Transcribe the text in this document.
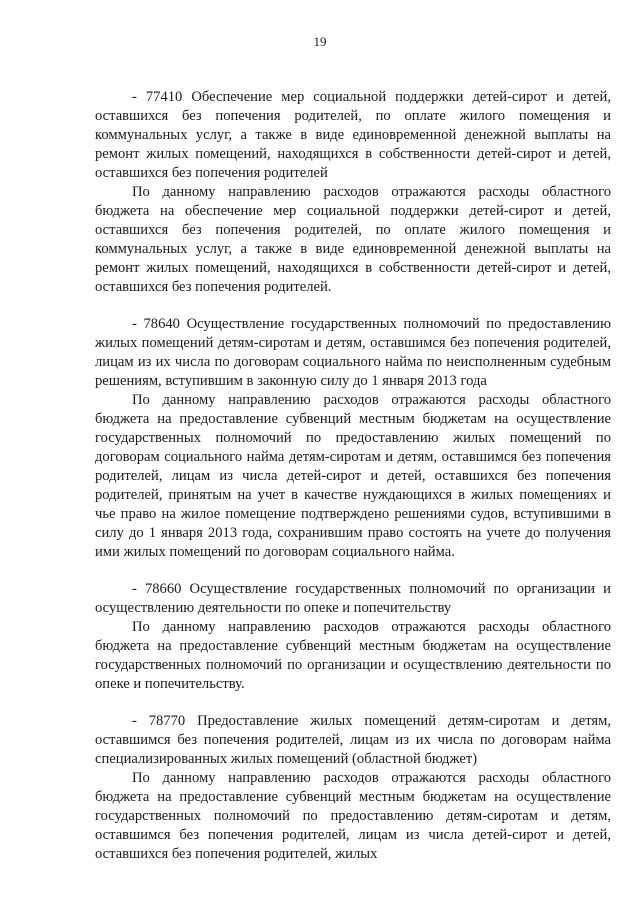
19

- 77410 Обеспечение мер социальной поддержки детей-сирот и детей, оставшихся без попечения родителей, по оплате жилого помещения и коммунальных услуг, а также в виде единовременной денежной выплаты на ремонт жилых помещений, находящихся в собственности детей-сирот и детей, оставшихся без попечения родителей

По данному направлению расходов отражаются расходы областного бюджета на обеспечение мер социальной поддержки детей-сирот и детей, оставшихся без попечения родителей, по оплате жилого помещения и коммунальных услуг, а также в виде единовременной денежной выплаты на ремонт жилых помещений, находящихся в собственности детей-сирот и детей, оставшихся без попечения родителей.

- 78640 Осуществление государственных полномочий по предоставлению жилых помещений детям-сиротам и детям, оставшимся без попечения родителей, лицам из их числа по договорам социального найма по неисполненным судебным решениям, вступившим в законную силу до 1 января 2013 года

По данному направлению расходов отражаются расходы областного бюджета на предоставление субвенций местным бюджетам на осуществление государственных полномочий по предоставлению жилых помещений по договорам социального найма детям-сиротам и детям, оставшимся без попечения родителей, лицам из числа детей-сирот и детей, оставшихся без попечения родителей, принятым на учет в качестве нуждающихся в жилых помещениях и чье право на жилое помещение подтверждено решениями судов, вступившими в силу до 1 января 2013 года, сохранившим право состоять на учете до получения ими жилых помещений по договорам социального найма.

- 78660 Осуществление государственных полномочий по организации и осуществлению деятельности по опеке и попечительству

По данному направлению расходов отражаются расходы областного бюджета на предоставление субвенций местным бюджетам на осуществление государственных полномочий по организации и осуществлению деятельности по опеке и попечительству.

- 78770 Предоставление жилых помещений детям-сиротам и детям, оставшимся без попечения родителей, лицам из их числа по договорам найма специализированных жилых помещений (областной бюджет)

По данному направлению расходов отражаются расходы областного бюджета на предоставление субвенций местным бюджетам на осуществление государственных полномочий по предоставлению детям-сиротам и детям, оставшимся без попечения родителей, лицам из числа детей-сирот и детей, оставшихся без попечения родителей, жилых
